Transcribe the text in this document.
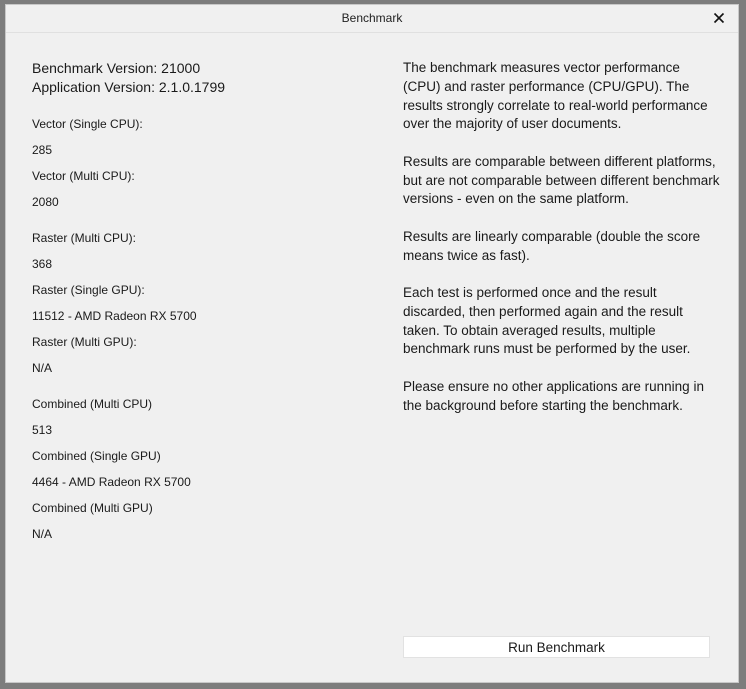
Benchmark

Benchmark Version: 21000

Application Version: 2.1.0.1799

Vector (Single CPU):

285

Vector (Multi CPU):

2080

Raster (Multi CPU):

368

Raster (Single GPU):

11512 - AMD Radeon RX 5700

Raster (Multi GPU):

N/A

Combined (Multi CPU)

513

Combined (Single GPU)

4464 - AMD Radeon RX 5700

Combined (Multi GPU)

N/A

The benchmark measures vector performance (CPU) and raster performance (CPU/GPU). The results strongly correlate to real-world performance over the majority of user documents.

Results are comparable between different platforms, but are not comparable between different benchmark versions - even on the same platform.

Results are linearly comparable (double the score means twice as fast).

Each test is performed once and the result discarded, then performed again and the result taken. To obtain averaged results, multiple benchmark runs must be performed by the user.

Please ensure no other applications are running in the background before starting the benchmark.

Run Benchmark
